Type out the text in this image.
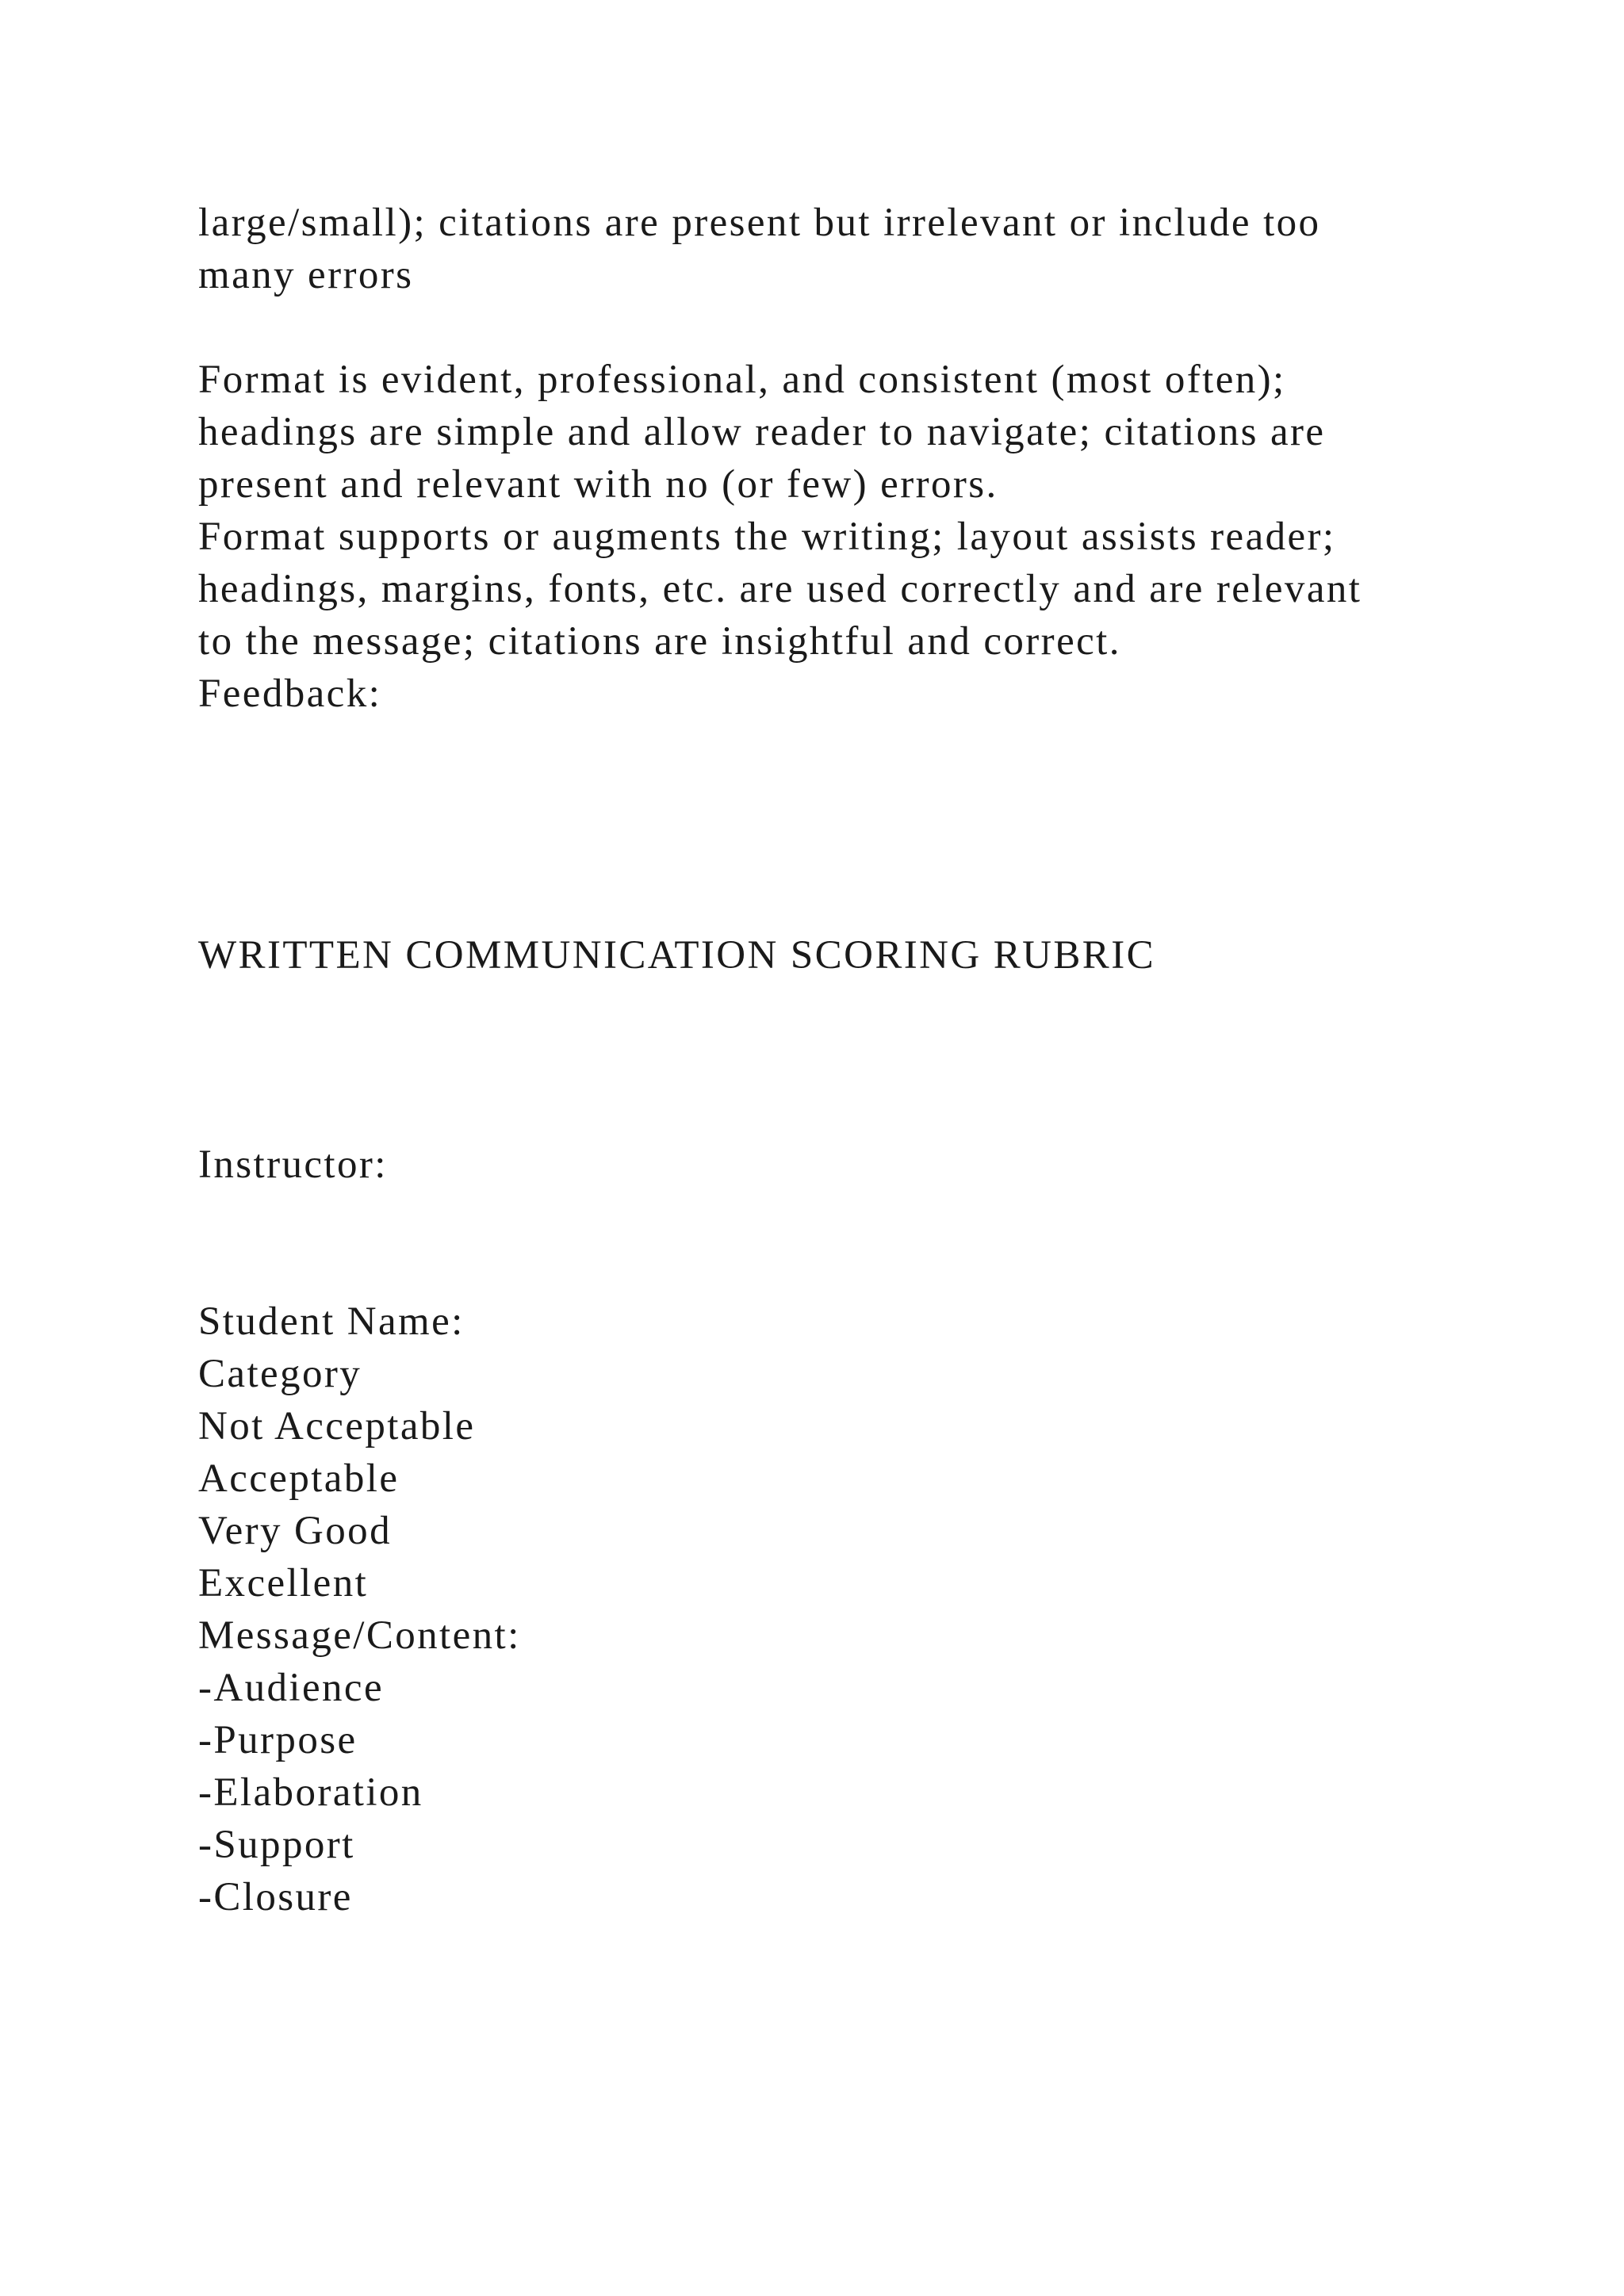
large/small); citations are present but irrelevant or include too
many errors
Format is evident, professional, and consistent (most often);
headings are simple and allow reader to navigate; citations are
present and relevant with no (or few) errors.
Format supports or augments the writing; layout assists reader;
headings, margins, fonts, etc. are used correctly and are relevant
to the message; citations are insightful and correct.
Feedback:
WRITTEN COMMUNICATION SCORING RUBRIC
Instructor:
Student Name:
Category
Not Acceptable
Acceptable
Very Good
Excellent
Message/Content:
-Audience
-Purpose
-Elaboration
-Support
-Closure
